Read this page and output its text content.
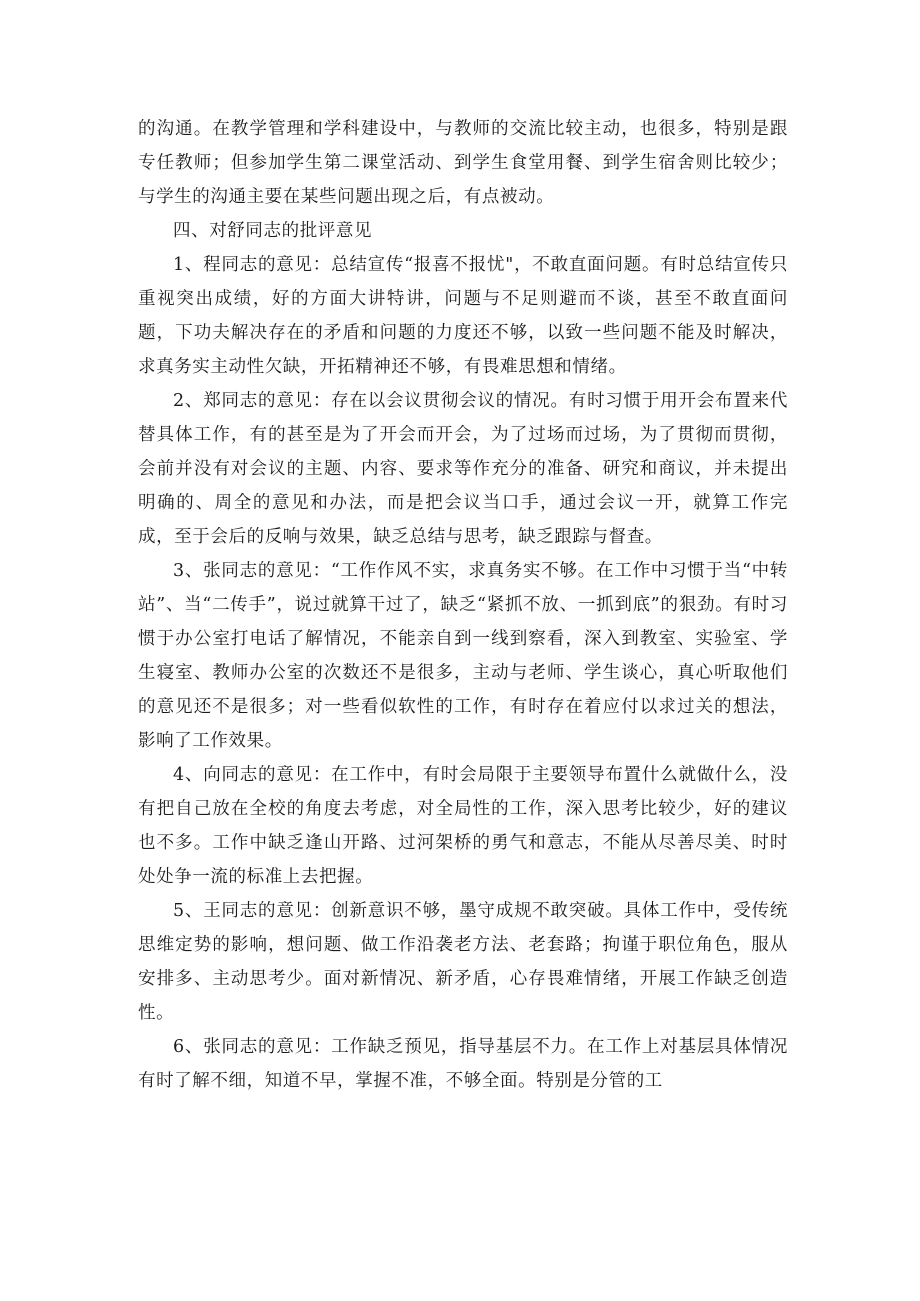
的沟通。在教学管理和学科建设中，与教师的交流比较主动，也很多，特别是跟专任教师；但参加学生第二课堂活动、到学生食堂用餐、到学生宿舍则比较少；与学生的沟通主要在某些问题出现之后，有点被动。

四、对舒同志的批评意见

1、程同志的意见：总结宣传“报喜不报忧"，不敢直面问题。有时总结宣传只重视突出成绩，好的方面大讲特讲，问题与不足则避而不谈，甚至不敢直面问题，下功夫解决存在的矛盾和问题的力度还不够，以致一些问题不能及时解决，求真务实主动性欠缺，开拓精神还不够，有畏难思想和情绪。

2、郑同志的意见：存在以会议贯彻会议的情况。有时习惯于用开会布置来代替具体工作，有的甚至是为了开会而开会，为了过场而过场，为了贯彻而贯彻，会前并没有对会议的主题、内容、要求等作充分的准备、研究和商议，并未提出明确的、周全的意见和办法，而是把会议当口手，通过会议一开，就算工作完成，至于会后的反响与效果，缺乏总结与思考，缺乏跟踪与督查。

3、张同志的意见：“工作作风不实，求真务实不够。在工作中习惯于当“中转站”、当“二传手”，说过就算干过了，缺乏“紧抓不放、一抓到底”的狠劲。有时习惯于办公室打电话了解情况，不能亲自到一线到察看，深入到教室、实验室、学生寝室、教师办公室的次数还不是很多，主动与老师、学生谈心，真心听取他们的意见还不是很多；对一些看似软性的工作，有时存在着应付以求过关的想法，影响了工作效果。

4、向同志的意见：在工作中，有时会局限于主要领导布置什么就做什么，没有把自己放在全校的角度去考虑，对全局性的工作，深入思考比较少，好的建议也不多。工作中缺乏逢山开路、过河架桥的勇气和意志，不能从尽善尽美、时时处处争一流的标准上去把握。

5、王同志的意见：创新意识不够，墨守成规不敢突破。具体工作中，受传统思维定势的影响，想问题、做工作沿袭老方法、老套路；拘谨于职位角色，服从安排多、主动思考少。面对新情况、新矛盾，心存畏难情绪，开展工作缺乏创造性。

6、张同志的意见：工作缺乏预见，指导基层不力。在工作上对基层具体情况有时了解不细，知道不早，掌握不准，不够全面。特别是分管的工
